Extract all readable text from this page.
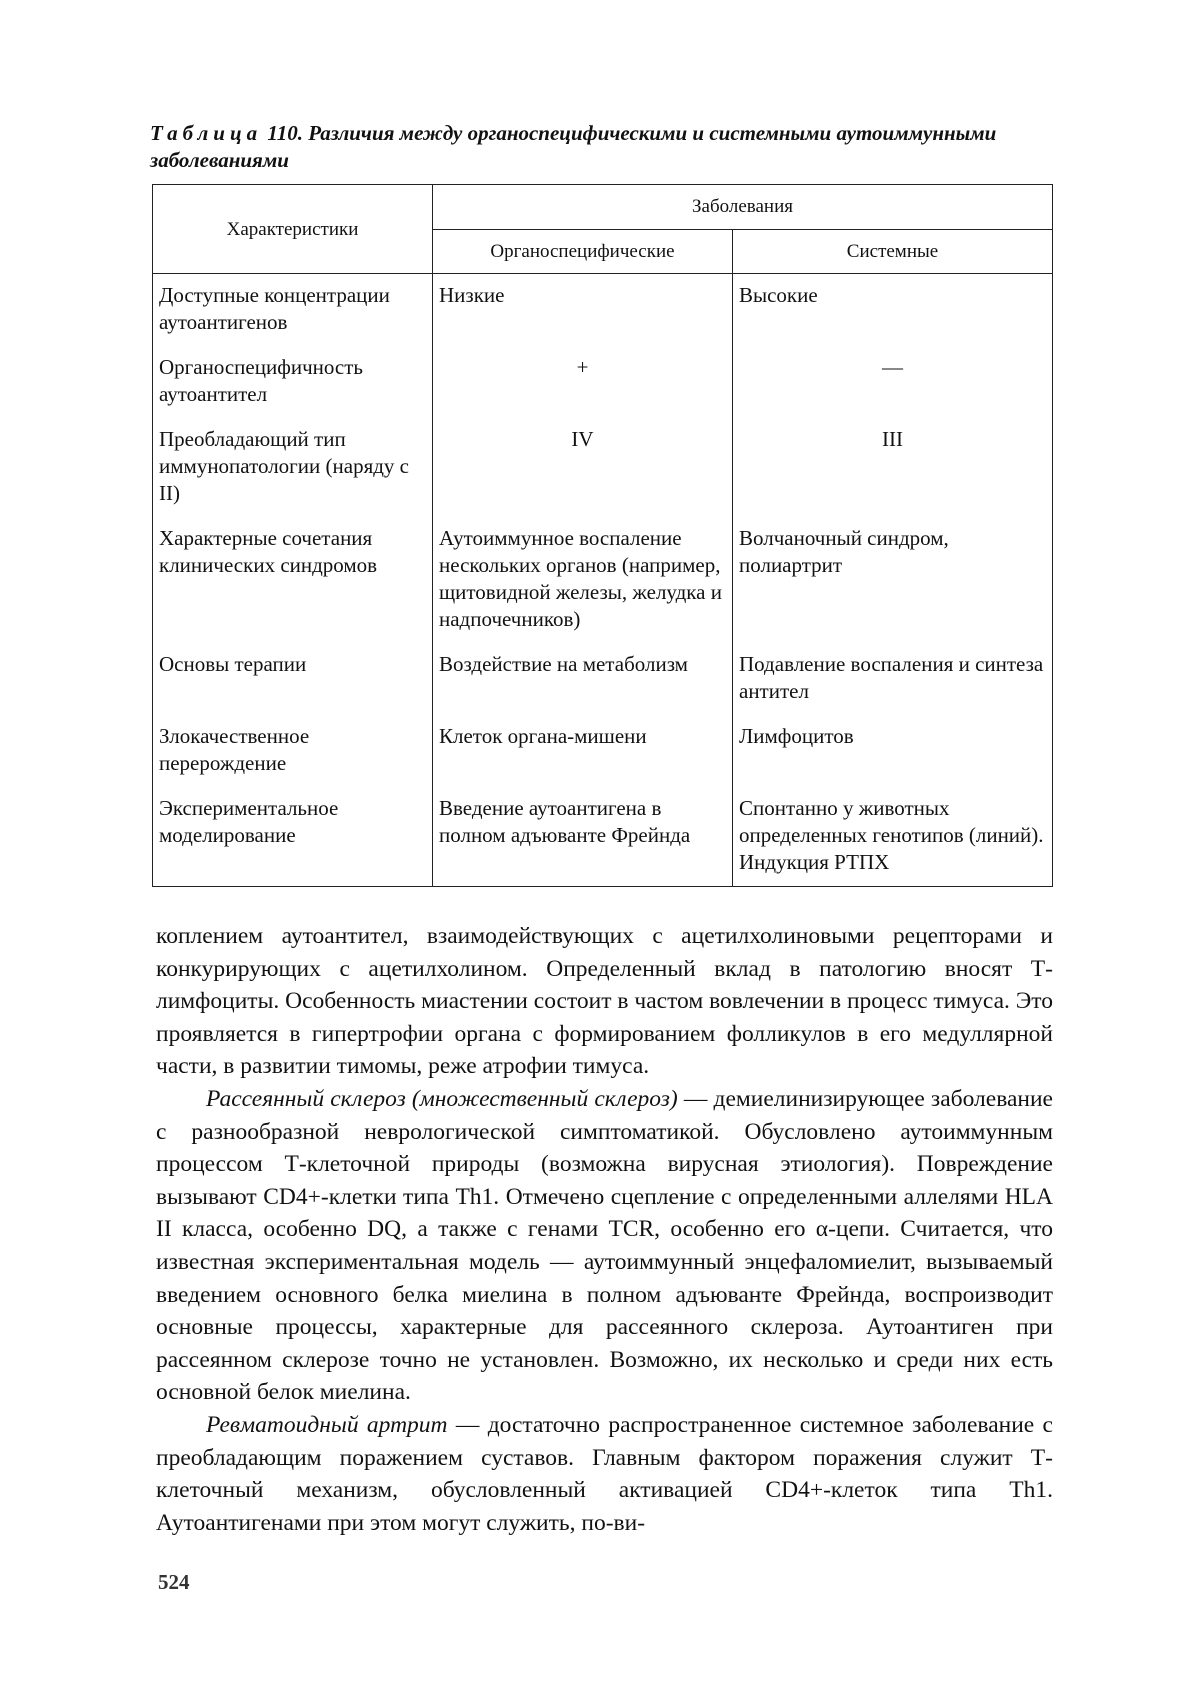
Таблица 110. Различия между органоспецифическими и системными аутоиммунными заболеваниями
Характеристики	Заболевания	
	Органоспецифические	Системные
Доступные концентрации аутоантигенов	Низкие	Высокие
Органоспецифичность аутоантител	+	—
Преобладающий тип иммунопатологии (наряду с II)	IV	III
Характерные сочетания клинических синдромов	Аутоиммунное воспаление нескольких органов (например, щитовидной железы, желудка и надпочечников)	Волчаночный синдром, полиартрит
Основы терапии	Воздействие на метаболизм	Подавление воспаления и синтеза антител
Злокачественное перерождение	Клеток органа-мишени	Лимфоцитов
Экспериментальное моделирование	Введение аутоантигена в полном адъюванте Фрейнда	Спонтанно у животных определенных генотипов (линий). Индукция РТПХ

коплением аутоантител, взаимодействующих с ацетилхолиновыми рецепторами и конкурирующих с ацетилхолином. Определенный вклад в патологию вносят Т-лимфоциты. Особенность миастении состоит в частом вовлечении в процесс тимуса. Это проявляется в гипертрофии органа с формированием фолликулов в его медуллярной части, в развитии тимомы, реже атрофии тимуса.

Рассеянный склероз (множественный склероз) — демиелинизирующее заболевание с разнообразной неврологической симптоматикой. Обусловлено аутоиммунным процессом Т-клеточной природы (возможна вирусная этиология). Повреждение вызывают CD4+-клетки типа Th1. Отмечено сцепление с определенными аллелями HLA II класса, особенно DQ, а также с генами TCR, особенно его α-цепи. Считается, что известная экспериментальная модель — аутоиммунный энцефаломиелит, вызываемый введением основного белка миелина в полном адъюванте Фрейнда, воспроизводит основные процессы, характерные для рассеянного склероза. Аутоантиген при рассеянном склерозе точно не установлен. Возможно, их несколько и среди них есть основной белок миелина.

Ревматоидный артрит — достаточно распространенное системное заболевание с преобладающим поражением суставов. Главным фактором поражения служит Т-клеточный механизм, обусловленный активацией CD4+-клеток типа Th1. Аутоантигенами при этом могут служить, по-ви-

524
